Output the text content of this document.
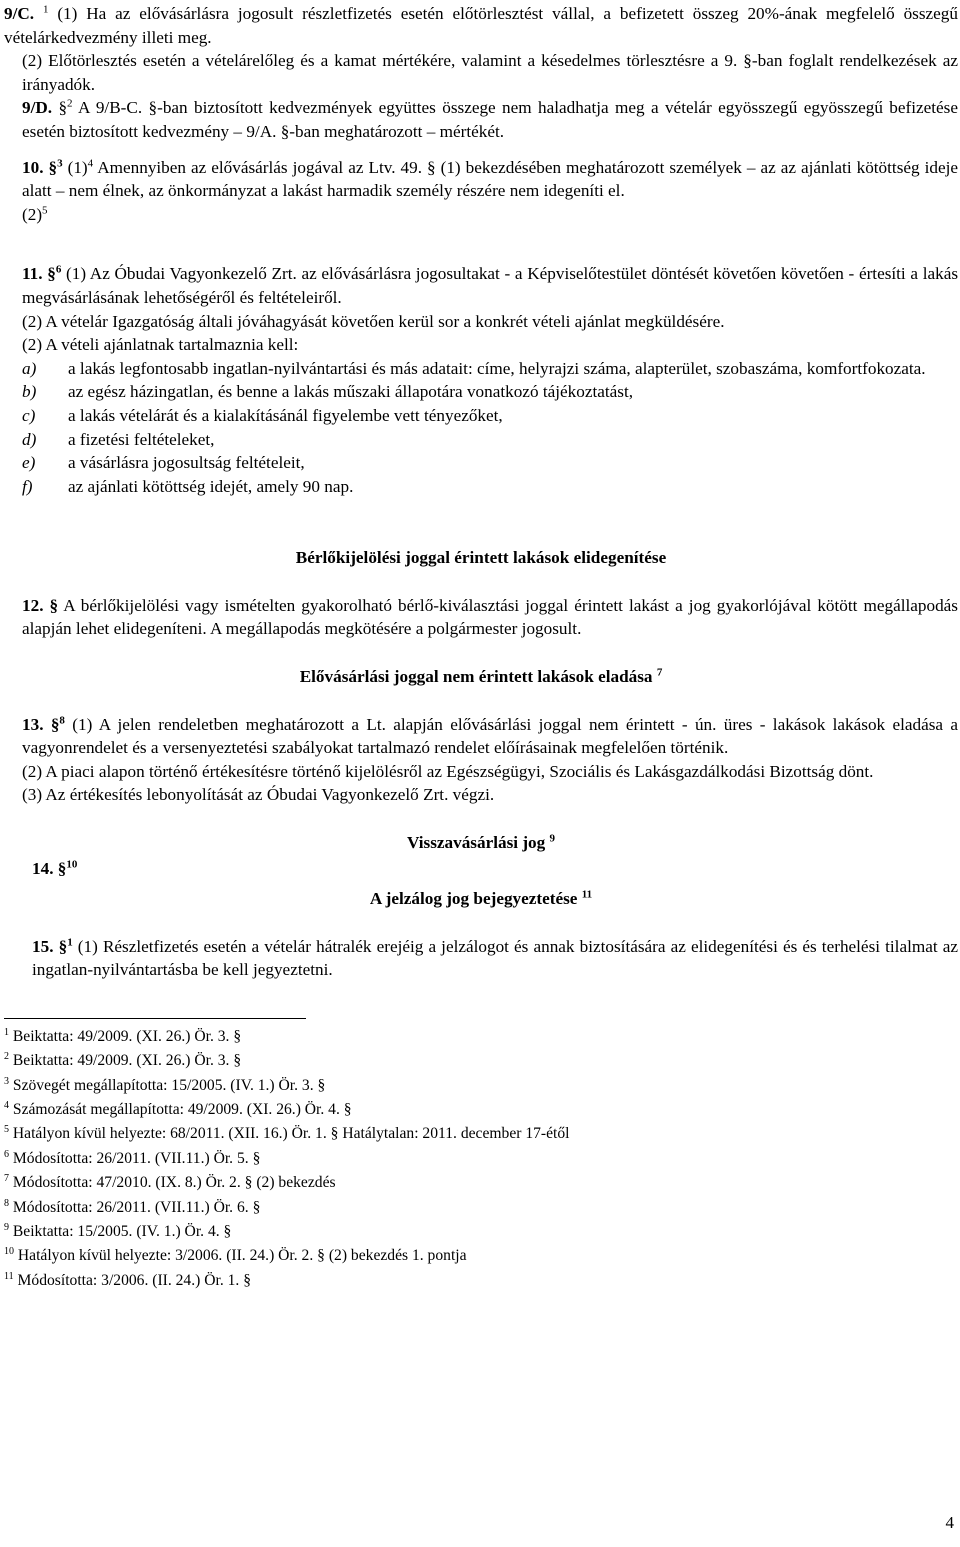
9/C. $^1$ (1) Ha az elővásárlásra jogosult részletfizetés esetén előtörlesztést vállal, a befizetett összeg 20%-ának megfelelő összegű vételárkedvezmény illeti meg.

(2) Előtörlesztés esetén a vételárelőleg és a kamat mértékére, valamint a késedelmes törlesztésre a 9. §-ban foglalt rendelkezések az irányadók.

9/D. §$^2$ A 9/B-C. §-ban biztosított kedvezmények együttes összege nem haladhatja meg a vételár egyösszegű egyösszegű befizetése esetén biztosított kedvezmény – 9/A. §-ban meghatározott – mértékét.

10. §$^3$ $(1)^4$ Amennyiben az elővásárlás jogával az Ltv. 49. § (1) bekezdésében meghatározott személyek – az az ajánlati kötöttség ideje alatt – nem élnek, az önkormányzat a lakást harmadik személy részére nem idegeníti el.

$(2)^5$

11. §$^6$ (1) Az Óbudai Vagyonkezelő Zrt. az elővásárlásra jogosultakat - a Képviselőtestület döntését követően követően - értesíti a lakás megvásárlásának lehetőségéről és feltételeiről.

(2) A vételár Igazgatóság általi jóváhagyását követően kerül sor a konkrét vételi ajánlat megküldésére.

(2) A vételi ajánlatnak tartalmaznia kell:

a) a lakás legfontosabb ingatlan-nyilvántartási és más adatait: címe, helyrajzi száma, alapterület, szobaszáma, komfortfokozata.

b) az egész házingatlan, és benne a lakás műszaki állapotára vonatkozó tájékoztatást,

c) a lakás vételárát és a kialakításánál figyelembe vett tényezőket,

d) a fizetési feltételeket,

e) a vásárlásra jogosultság feltételeit,

f) az ajánlati kötöttség idejét, amely 90 nap.

Bérlőkijelölési joggal érintett lakások elidegenítése

12. § A bérlőkijelölési vagy ismételten gyakorolható bérlő-kiválasztási joggal érintett lakást a jog gyakorlójával kötött megállapodás alapján lehet elidegeníteni. A megállapodás megkötésére a polgármester jogosult.

Elővásárlási joggal nem érintett lakások eladása $^7$

13. §$^8$ (1) A jelen rendeletben meghatározott a Lt. alapján elővásárlási joggal nem érintett - ún. üres - lakások lakások eladása a vagyonrendelet és a versenyeztetési szabályokat tartalmazó rendelet előírásainak megfelelően történik.

(2) A piaci alapon történő értékesítésre történő kijelölésről az Egészségügyi, Szociális és Lakásgazdálkodási Bizottság dönt.

(3) Az értékesítés lebonyolítását az Óbudai Vagyonkezelő Zrt. végzi.

Visszavásárlási jog $^9$
14. §$^{10}$

A jelzálog jog bejegyeztetése $^{11}$

15. §$^1$ (1) Részletfizetés esetén a vételár hátralék erejéig a jelzálogot és annak biztosítására az elidegenítési és és terhelési tilalmat az ingatlan-nyilvántartásba be kell jegyeztetni.

$^1$ Beiktatta: 49/2009. (XI. 26.) Ör. 3. §
$^2$ Beiktatta: 49/2009. (XI. 26.) Ör. 3. §
$^3$ Szövegét megállapította: 15/2005. (IV. 1.) Ör. 3. §
$^4$ Számozását megállapította: 49/2009. (XI. 26.) Ör. 4. §
$^5$ Hatályon kívül helyezte: 68/2011. (XII. 16.) Ör. 1. § Hatálytalan: 2011. december 17-étől
$^6$ Módosította: 26/2011. (VII.11.) Ör. 5. §
$^7$ Módosította: 47/2010. (IX. 8.) Ör. 2. § (2) bekezdés
$^8$ Módosította: 26/2011. (VII.11.) Ör. 6. §
$^9$ Beiktatta: 15/2005. (IV. 1.) Ör. 4. §
$^{10}$ Hatályon kívül helyezte: 3/2006. (II. 24.) Ör. 2. § (2) bekezdés 1. pontja
$^{11}$ Módosította: 3/2006. (II. 24.) Ör. 1. §
4
